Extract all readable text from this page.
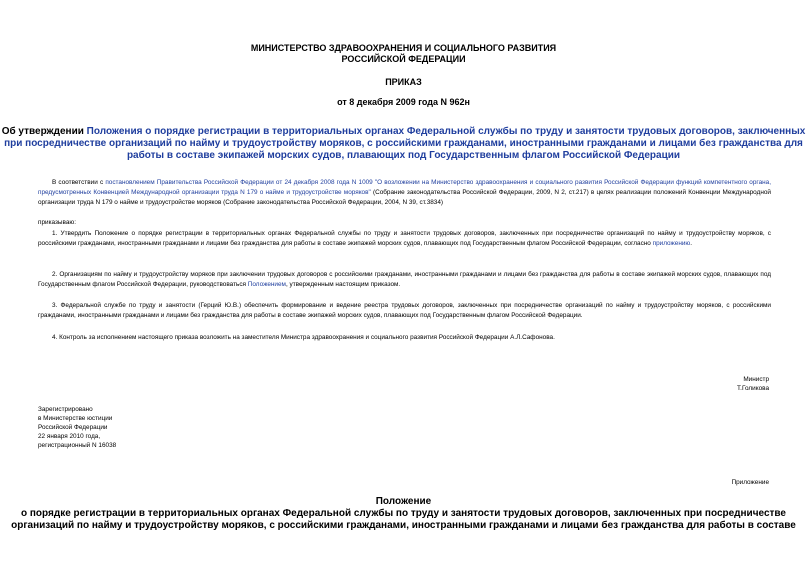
МИНИСТЕРСТВО ЗДРАВООХРАНЕНИЯ И СОЦИАЛЬНОГО РАЗВИТИЯ
РОССИЙСКОЙ ФЕДЕРАЦИИ
ПРИКАЗ
от 8 декабря 2009 года N 962н
Об утверждении Положения о порядке регистрации в территориальных органах Федеральной службы по труду и занятости трудовых договоров, заключенных
при посредничестве организаций по найму и трудоустройству моряков, с российскими гражданами, иностранными гражданами и лицами без гражданства для
работы в составе экипажей морских судов, плавающих под Государственным флагом Российской Федерации

В соответствии с постановлением Правительства Российской Федерации от 24 декабря 2008 года N 1009 "О возложении на Министерство здравоохранения и социального развития Российской Федерации функций компетентного органа, предусмотренных Конвенцией Международной организации труда N 179 о найме и трудоустройстве моряков" (Собрание законодательства Российской Федерации, 2009, N 2, ст.217) в целях реализации положений Конвенции Международной организации труда N 179 о найме и трудоустройстве моряков (Собрание законодательства Российской Федерации, 2004, N 39, ст.3834)

приказываю:

1. Утвердить Положение о порядке регистрации в территориальных органах Федеральной службы по труду и занятости трудовых договоров, заключенных при посредничестве организаций по найму и трудоустройству моряков, с российскими гражданами, иностранными гражданами и лицами без гражданства для работы в составе экипажей морских судов, плавающих под Государственным флагом Российской Федерации, согласно приложению.

2. Организациям по найму и трудоустройству моряков при заключении трудовых договоров с российскими гражданами, иностранными гражданами и лицами без гражданства для работы в составе экипажей морских судов, плавающих под Государственным флагом Российской Федерации, руководствоваться Положением, утвержденным настоящим приказом.

3. Федеральной службе по труду и занятости (Герций Ю.В.) обеспечить формирование и ведение реестра трудовых договоров, заключенных при посредничестве организаций по найму и трудоустройству моряков, с российскими гражданами, иностранными гражданами и лицами без гражданства для работы в составе экипажей морских судов, плавающих под Государственным флагом Российской Федерации.

4. Контроль за исполнением настоящего приказа возложить на заместителя Министра здравоохранения и социального развития Российской Федерации А.Л.Сафонова.

Министр
Т.Голикова
Зарегистрировано
в Министерстве юстиции
Российской Федерации
22 января 2010 года,
регистрационный N 16038
Приложение
Положение
о порядке регистрации в территориальных органах Федеральной службы по труду и занятости трудовых договоров, заключенных при посредничестве
организаций по найму и трудоустройству моряков, с российскими гражданами, иностранными гражданами и лицами без гражданства для работы в составе
